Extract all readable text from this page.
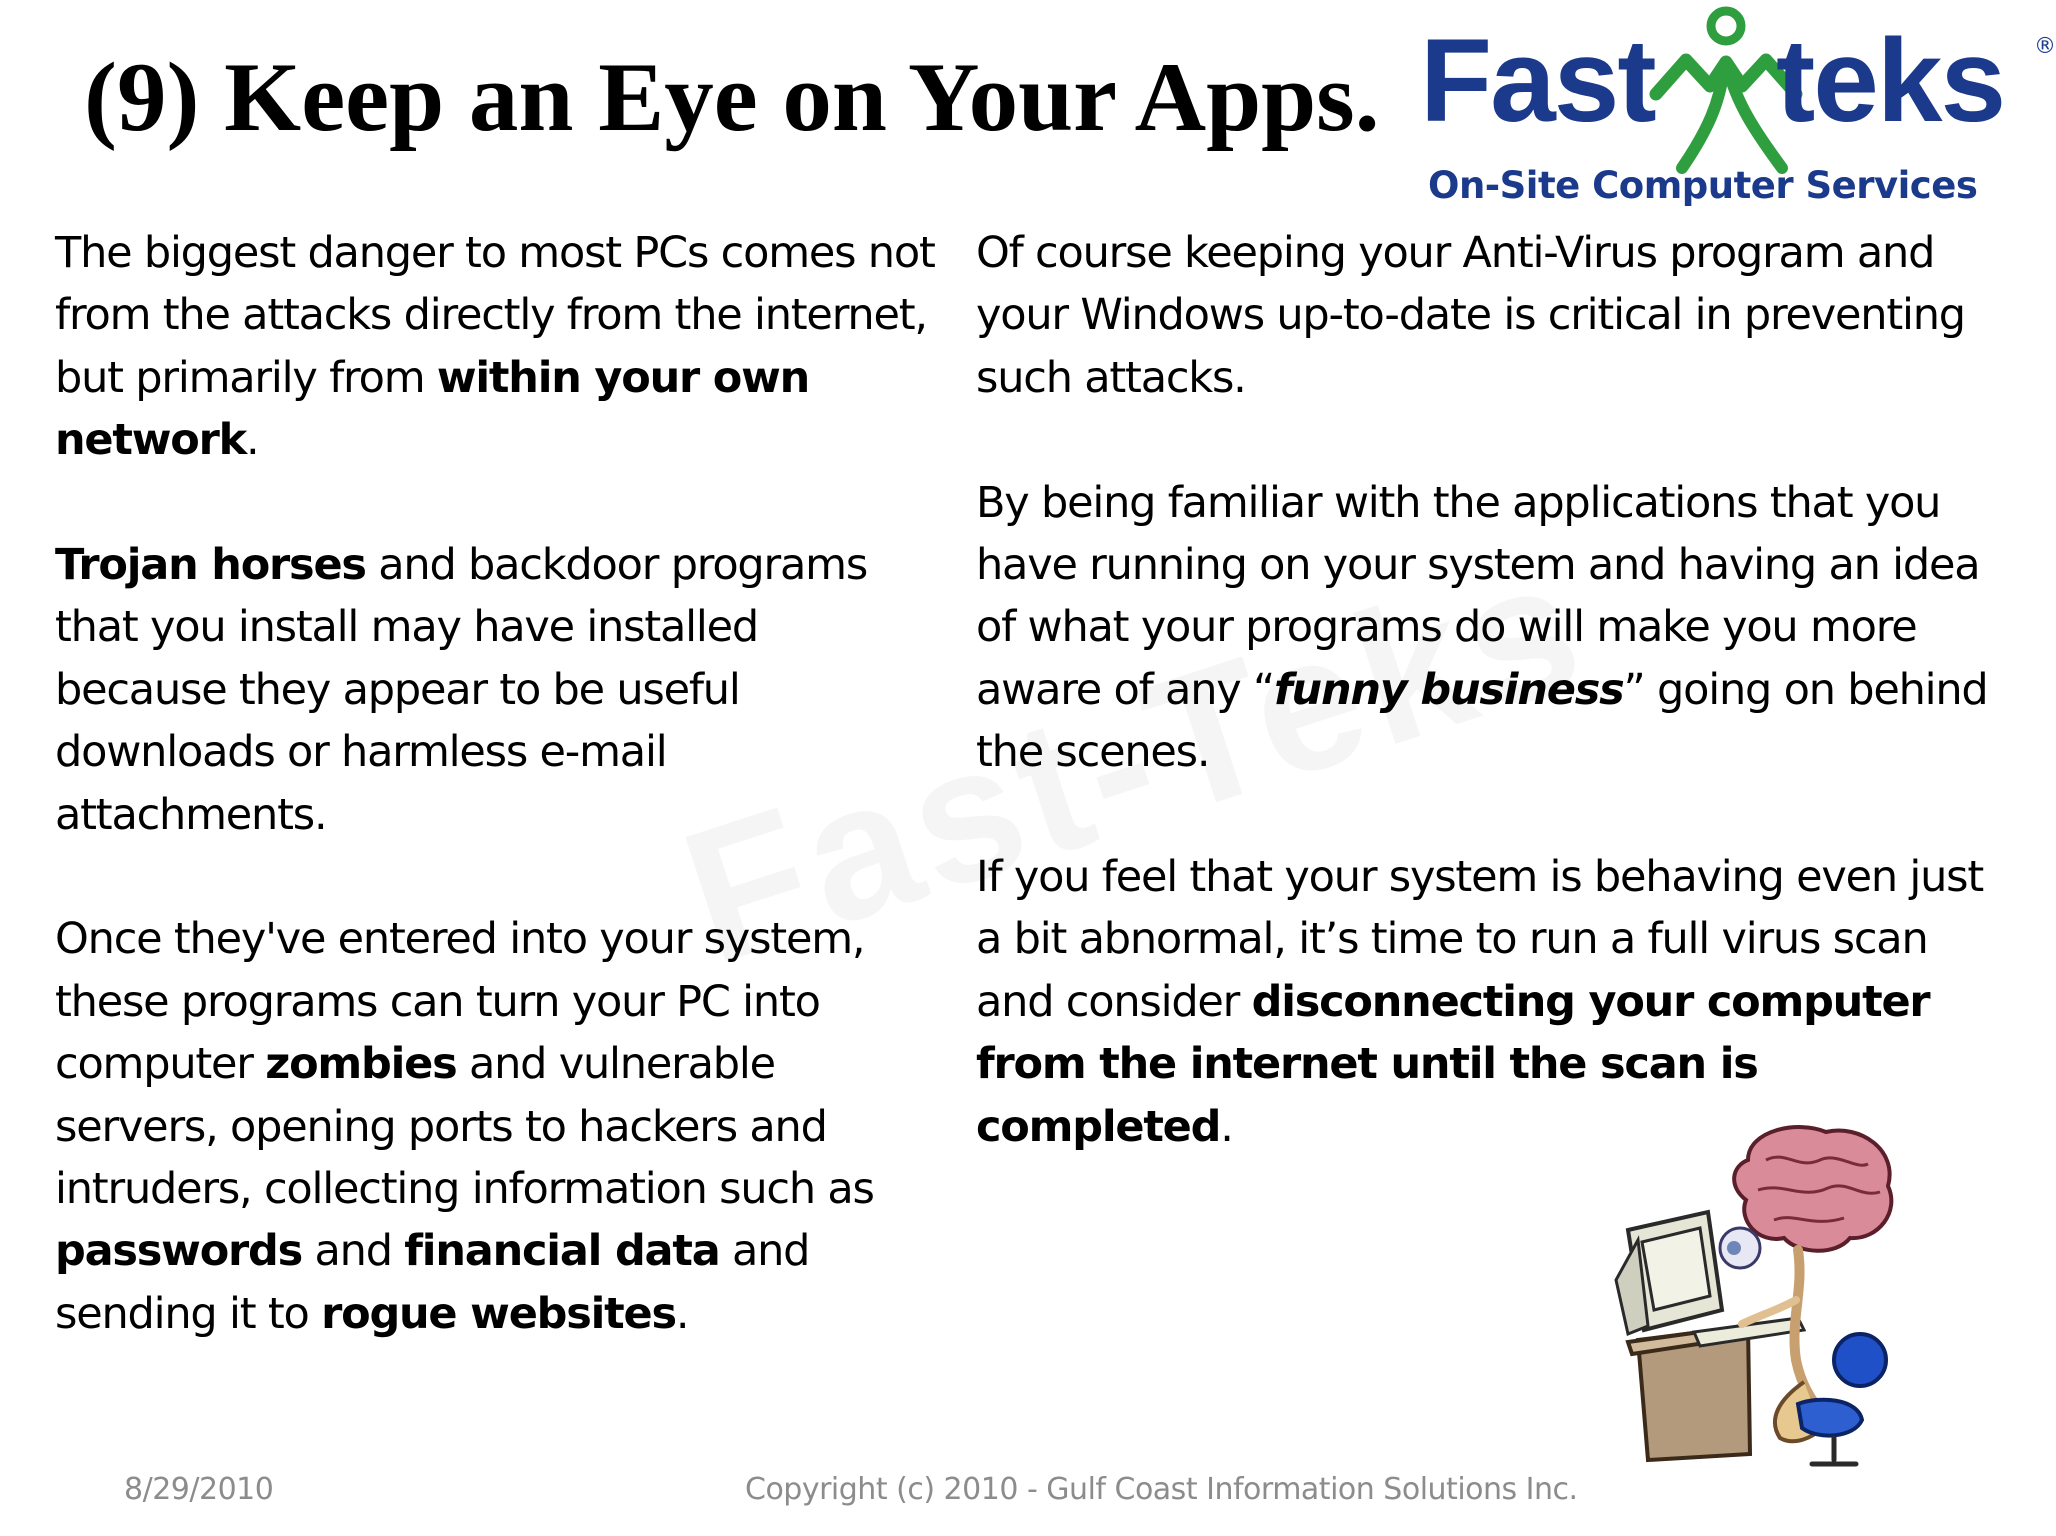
(9) Keep an Eye on Your Apps. Fast teks ®
On-Site Computer Services

The biggest danger to most PCs comes not from the attacks directly from the internet, but primarily from within your own network.

Trojan horses and backdoor programs that you install may have installed because they appear to be useful downloads or harmless e-mail attachments.

Once they've entered into your system, these programs can turn your PC into computer zombies and vulnerable servers, opening ports to hackers and intruders, collecting information such as passwords and financial data and sending it to rogue websites.

Of course keeping your Anti-Virus program and your Windows up-to-date is critical in preventing such attacks.

By being familiar with the applications that you have running on your system and having an idea of what your programs do will make you more aware of any “funny business” going on behind the scenes.

If you feel that your system is behaving even just a bit abnormal, it’s time to run a full virus scan and consider disconnecting your computer from the internet until the scan is completed.

8/29/2010	Copyright (c) 2010 - Gulf Coast Information Solutions Inc.
